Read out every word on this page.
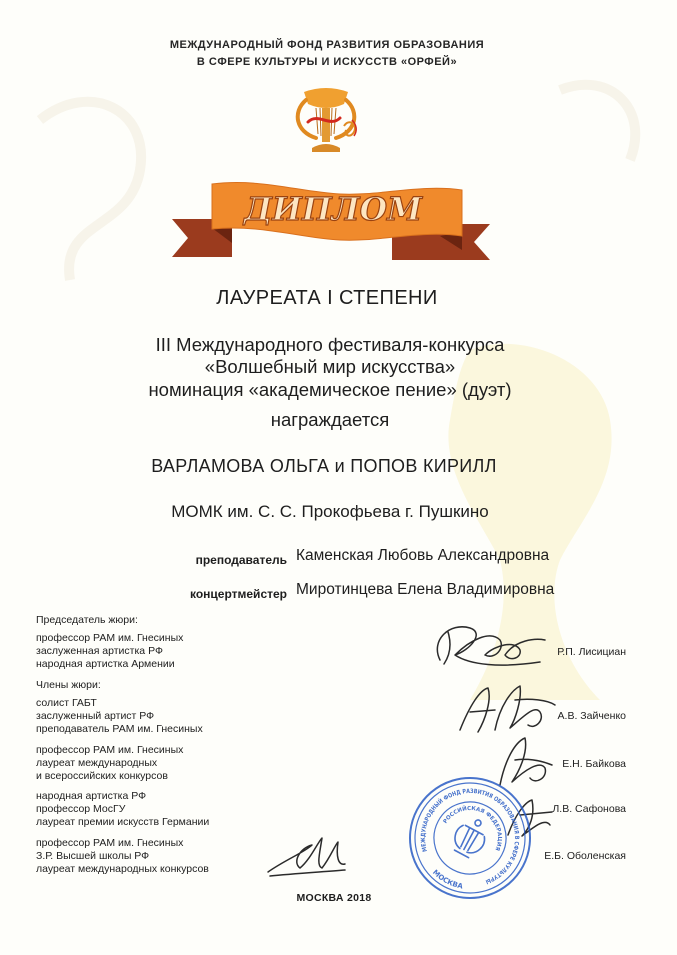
ДИПЛОМ
МЕЖДУНАРОДНЫЙ ФОНД РАЗВИТИЯ ОБРАЗОВАНИЯ
В СФЕРЕ КУЛЬТУРЫ И ИСКУССТВ «ОРФЕЙ»
ЛАУРЕАТА I СТЕПЕНИ
III Международного фестиваля-конкурса
«Волшебный мир искусства»
номинация «академическое пение» (дуэт)
награждается
ВАРЛАМОВА ОЛЬГА и ПОПОВ КИРИЛЛ
МОМК им. С. С. Прокофьева г. Пушкино
преподаватель Каменская Любовь Александровна
концертмейстер Миротинцева Елена Владимировна
Председатель жюри:
профессор РАМ им. Гнесиных
заслуженная артистка РФ
народная артистка Армении
Р.П. Лисициан
Члены жюри:
солист ГАБТ
заслуженный артист РФ
преподаватель РАМ им. Гнесиных
А.В. Зайченко
профессор РАМ им. Гнесиных
лауреат международных
и всероссийских конкурсов
Е.Н. Байкова
народная артистка РФ
профессор МосГУ
лауреат премии искусств Германии
Л.В. Сафонова
профессор РАМ им. Гнесиных
З.Р. Высшей школы РФ
лауреат международных конкурсов
Е.Б. Оболенская
МОСКВА 2018
МЕЖДУНАРОДНЫЙ ФОНД РАЗВИТИЯ ОБРАЗОВАНИЯ В СФЕРЕ КУЛЬТУРЫ
МОСКВА
РОССИЙСКАЯ ФЕДЕРАЦИЯ
